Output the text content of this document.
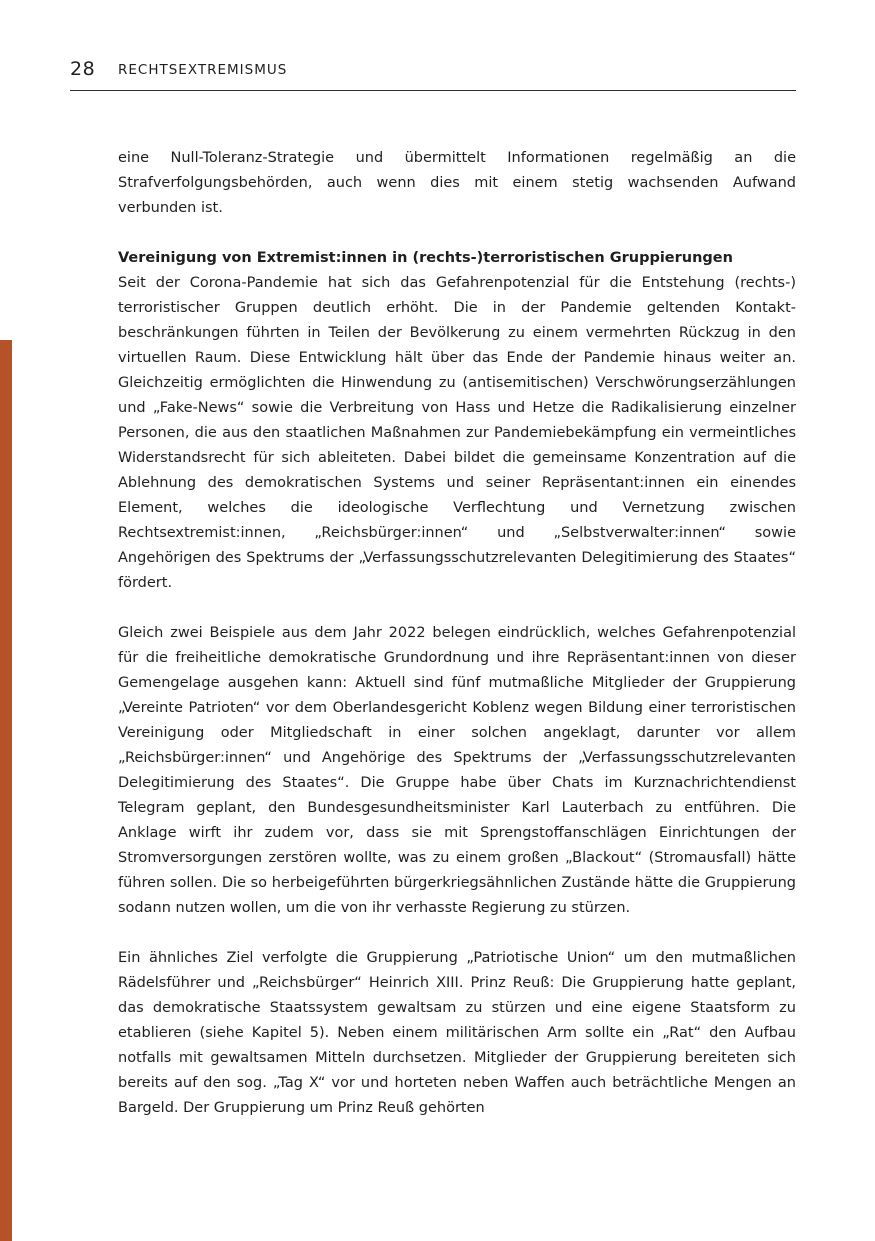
28 RECHTSEXTREMISMUS

eine Null-Toleranz-Strategie und übermittelt Informationen regelmäßig an die Strafverfolgungsbehörden, auch wenn dies mit einem stetig wachsenden Aufwand verbunden ist.

Vereinigung von Extremist:innen in (rechts-)terroristischen Gruppierungen

Seit der Corona-Pandemie hat sich das Gefahrenpotenzial für die Entstehung (rechts-) terroristischer Gruppen deutlich erhöht. Die in der Pandemie geltenden Kontaktbeschränkungen führten in Teilen der Bevölkerung zu einem vermehrten Rückzug in den virtuellen Raum. Diese Entwicklung hält über das Ende der Pandemie hinaus weiter an. Gleichzeitig ermöglichten die Hinwendung zu (antisemitischen) Verschwörungserzählungen und „Fake-News“ sowie die Verbreitung von Hass und Hetze die Radikalisierung einzelner Personen, die aus den staatlichen Maßnahmen zur Pandemiebekämpfung ein vermeintliches Widerstandsrecht für sich ableiteten. Dabei bildet die gemeinsame Konzentration auf die Ablehnung des demokratischen Systems und seiner Repräsentant:innen ein einendes Element, welches die ideologische Verflechtung und Vernetzung zwischen Rechtsextremist:innen, „Reichsbürger:innen“ und „Selbstverwalter:innen“ sowie Angehörigen des Spektrums der „Verfassungsschutzrelevanten Delegitimierung des Staates“ fördert.

Gleich zwei Beispiele aus dem Jahr 2022 belegen eindrücklich, welches Gefahrenpotenzial für die freiheitliche demokratische Grundordnung und ihre Repräsentant:innen von dieser Gemengelage ausgehen kann: Aktuell sind fünf mutmaßliche Mitglieder der Gruppierung „Vereinte Patrioten“ vor dem Oberlandesgericht Koblenz wegen Bildung einer terroristischen Vereinigung oder Mitgliedschaft in einer solchen angeklagt, darunter vor allem „Reichsbürger:innen“ und Angehörige des Spektrums der „Verfassungsschutzrelevanten Delegitimierung des Staates“. Die Gruppe habe über Chats im Kurznachrichtendienst Telegram geplant, den Bundesgesundheitsminister Karl Lauterbach zu entführen. Die Anklage wirft ihr zudem vor, dass sie mit Sprengstoffanschlägen Einrichtungen der Stromversorgungen zerstören wollte, was zu einem großen „Blackout“ (Stromausfall) hätte führen sollen. Die so herbeigeführten bürgerkriegsähnlichen Zustände hätte die Gruppierung sodann nutzen wollen, um die von ihr verhasste Regierung zu stürzen.

Ein ähnliches Ziel verfolgte die Gruppierung „Patriotische Union“ um den mutmaßlichen Rädelsführer und „Reichsbürger“ Heinrich XIII. Prinz Reuß: Die Gruppierung hatte geplant, das demokratische Staatssystem gewaltsam zu stürzen und eine eigene Staatsform zu etablieren (siehe Kapitel 5). Neben einem militärischen Arm sollte ein „Rat“ den Aufbau notfalls mit gewaltsamen Mitteln durchsetzen. Mitglieder der Gruppierung bereiteten sich bereits auf den sog. „Tag X“ vor und horteten neben Waffen auch beträchtliche Mengen an Bargeld. Der Gruppierung um Prinz Reuß gehörten
